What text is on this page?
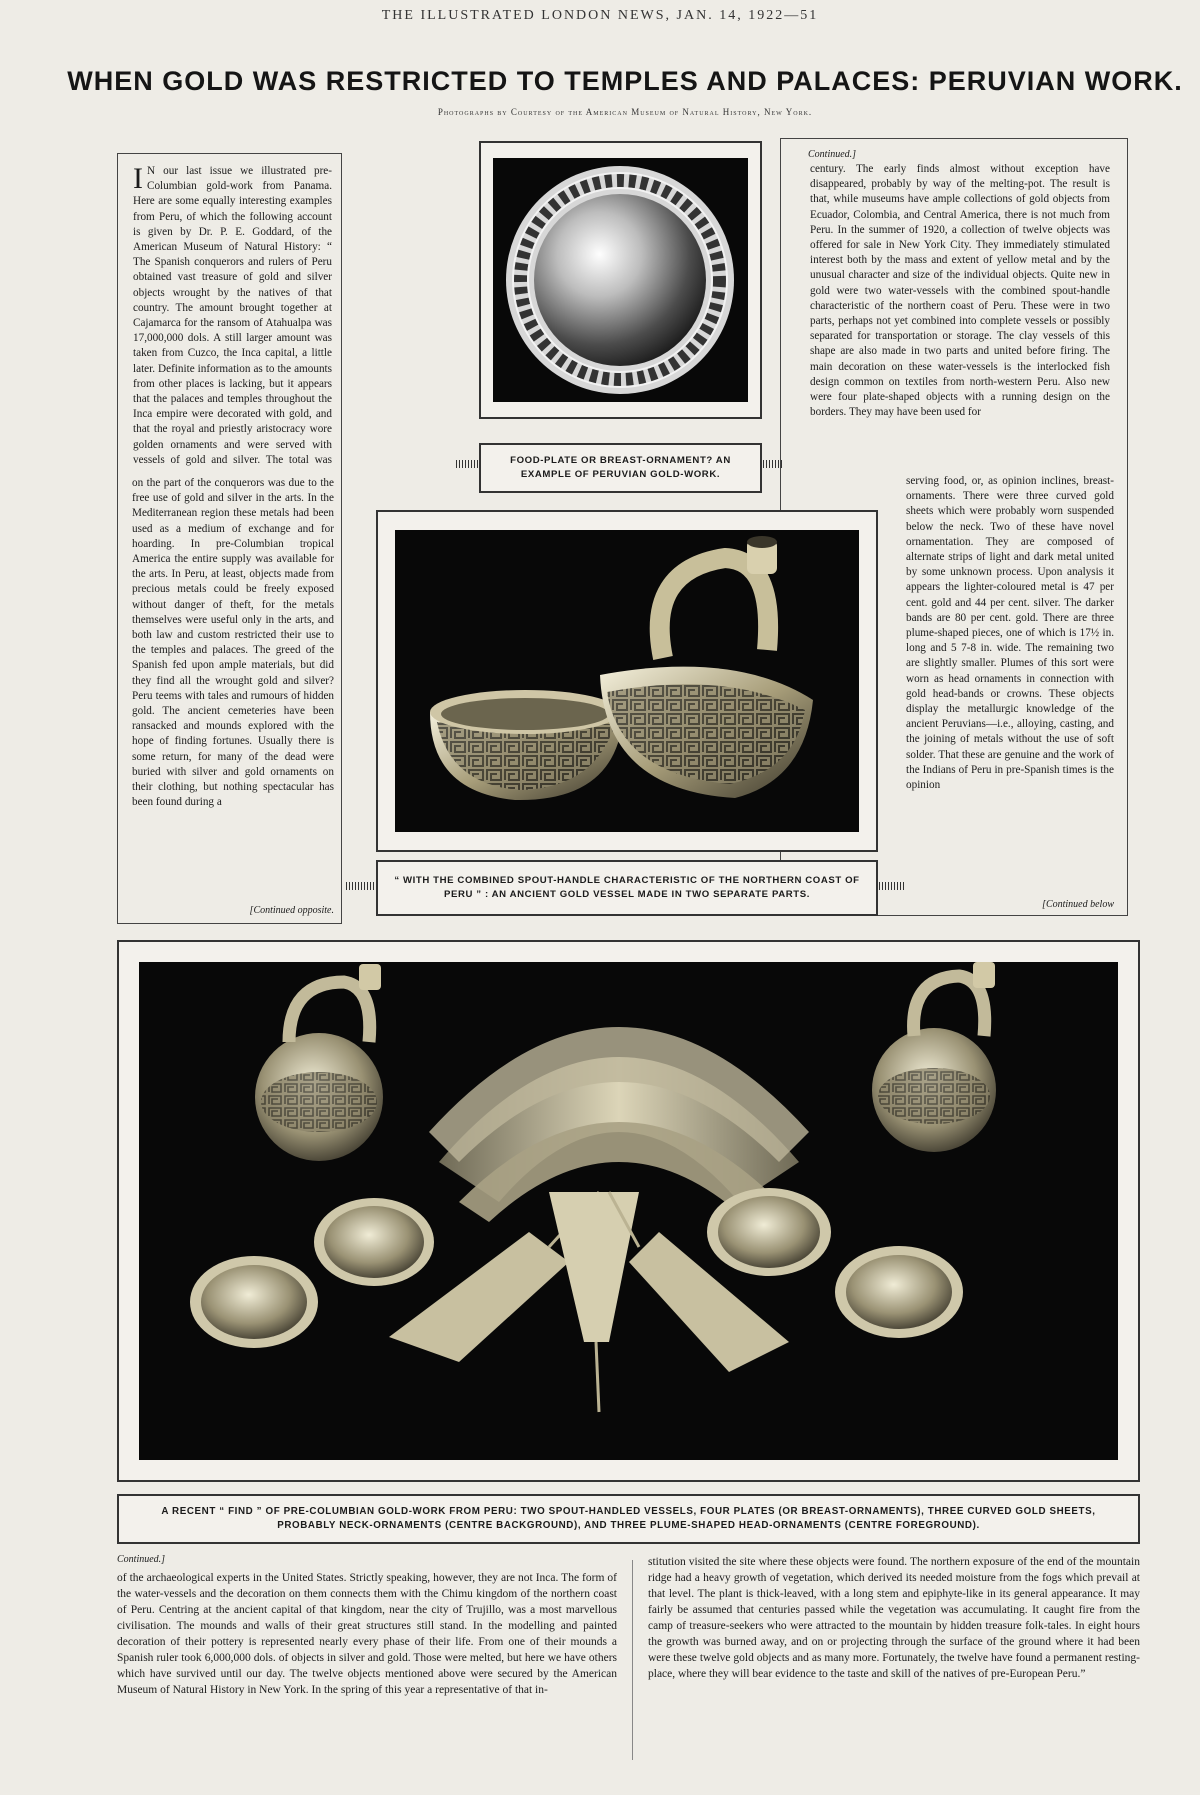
THE ILLUSTRATED LONDON NEWS, JAN. 14, 1922—51
WHEN GOLD WAS RESTRICTED TO TEMPLES AND PALACES: PERUVIAN WORK.
Photographs by Courtesy of the American Museum of Natural History, New York.
I N our last issue we illustrated pre-Columbian gold-work from Panama. Here are some equally interesting examples from Peru, of which the following account is given by Dr. P. E. Goddard, of the American Museum of Natural History: “ The Spanish conquerors and rulers of Peru obtained vast treasure of gold and silver objects wrought by the natives of that country. The amount brought together at Cajamarca for the ransom of Atahualpa was 17,000,000 dols. A still larger amount was taken from Cuzco, the Inca capital, a little later. Definite information as to the amounts from other places is lacking, but it appears that the palaces and temples throughout the Inca empire were decorated with gold, and that the royal and priestly aristocracy wore golden ornaments and were served with vessels of gold and silver. The total was
on the part of the conquerors was due to the free use of gold and silver in the arts. In the Mediterranean region these metals had been used as a medium of exchange and for hoarding. In pre-Columbian tropical America the entire supply was available for the arts. In Peru, at least, objects made from precious metals could be freely exposed without danger of theft, for the metals themselves were useful only in the arts, and both law and custom restricted their use to the temples and palaces. The greed of the Spanish fed upon ample materials, but did they find all the wrought gold and silver? Peru teems with tales and rumours of hidden gold. The ancient cemeteries have been ransacked and mounds explored with the hope of finding fortunes. Usually there is some return, for many of the dead were buried with silver and gold ornaments on their clothing, but nothing spectacular has been found during a
[Continued opposite.
Continued.]
century. The early finds almost without exception have disappeared, probably by way of the melting-pot. The result is that, while museums have ample collections of gold objects from Ecuador, Colombia, and Central America, there is not much from Peru. In the summer of 1920, a collection of twelve objects was offered for sale in New York City. They immediately stimulated interest both by the mass and extent of yellow metal and by the unusual character and size of the individual objects. Quite new in gold were two water-vessels with the combined spout-handle characteristic of the northern coast of Peru. These were in two parts, perhaps not yet combined into complete vessels or possibly separated for transportation or storage. The clay vessels of this shape are also made in two parts and united before firing. The main decoration on these water-vessels is the interlocked fish design common on textiles from north-western Peru. Also new were four plate-shaped objects with a running design on the borders. They may have been used for
serving food, or, as opinion inclines, breast-ornaments. There were three curved gold sheets which were probably worn suspended below the neck. Two of these have novel ornamentation. They are composed of alternate strips of light and dark metal united by some unknown process. Upon analysis it appears the lighter-coloured metal is 47 per cent. gold and 44 per cent. silver. The darker bands are 80 per cent. gold. There are three plume-shaped pieces, one of which is 17½ in. long and 5 7-8 in. wide. The remaining two are slightly smaller. Plumes of this sort were worn as head ornaments in connection with gold head-bands or crowns. These objects display the metallurgic knowledge of the ancient Peruvians—i.e., alloying, casting, and the joining of metals without the use of soft solder. That these are genuine and the work of the Indians of Peru in pre-Spanish times is the opinion
[Continued below
FOOD-PLATE OR BREAST-ORNAMENT? AN EXAMPLE OF PERUVIAN GOLD-WORK.
“ WITH THE COMBINED SPOUT-HANDLE CHARACTERISTIC OF THE NORTHERN COAST OF PERU ” : AN ANCIENT GOLD VESSEL MADE IN TWO SEPARATE PARTS.
A RECENT “ FIND ” OF PRE-COLUMBIAN GOLD-WORK FROM PERU: TWO SPOUT-HANDLED VESSELS, FOUR PLATES (OR BREAST-ORNAMENTS), THREE CURVED GOLD SHEETS, PROBABLY NECK-ORNAMENTS (CENTRE BACKGROUND), AND THREE PLUME-SHAPED HEAD-ORNAMENTS (CENTRE FOREGROUND).
Continued.]
of the archaeological experts in the United States. Strictly speaking, however, they are not Inca. The form of the water-vessels and the decoration on them connects them with the Chimu kingdom of the northern coast of Peru. Centring at the ancient capital of that kingdom, near the city of Trujillo, was a most marvellous civilisation. The mounds and walls of their great structures still stand. In the modelling and painted decoration of their pottery is represented nearly every phase of their life. From one of their mounds a Spanish ruler took 6,000,000 dols. of objects in silver and gold. Those were melted, but here we have others which have survived until our day. The twelve objects mentioned above were secured by the American Museum of Natural History in New York. In the spring of this year a representative of that in-
stitution visited the site where these objects were found. The northern exposure of the end of the mountain ridge had a heavy growth of vegetation, which derived its needed moisture from the fogs which prevail at that level. The plant is thick-leaved, with a long stem and epiphyte-like in its general appearance. It may fairly be assumed that centuries passed while the vegetation was accumulating. It caught fire from the camp of treasure-seekers who were attracted to the mountain by hidden treasure folk-tales. In eight hours the growth was burned away, and on or projecting through the surface of the ground where it had been were these twelve gold objects and as many more. Fortunately, the twelve have found a permanent resting-place, where they will bear evidence to the taste and skill of the natives of pre-European Peru.”
